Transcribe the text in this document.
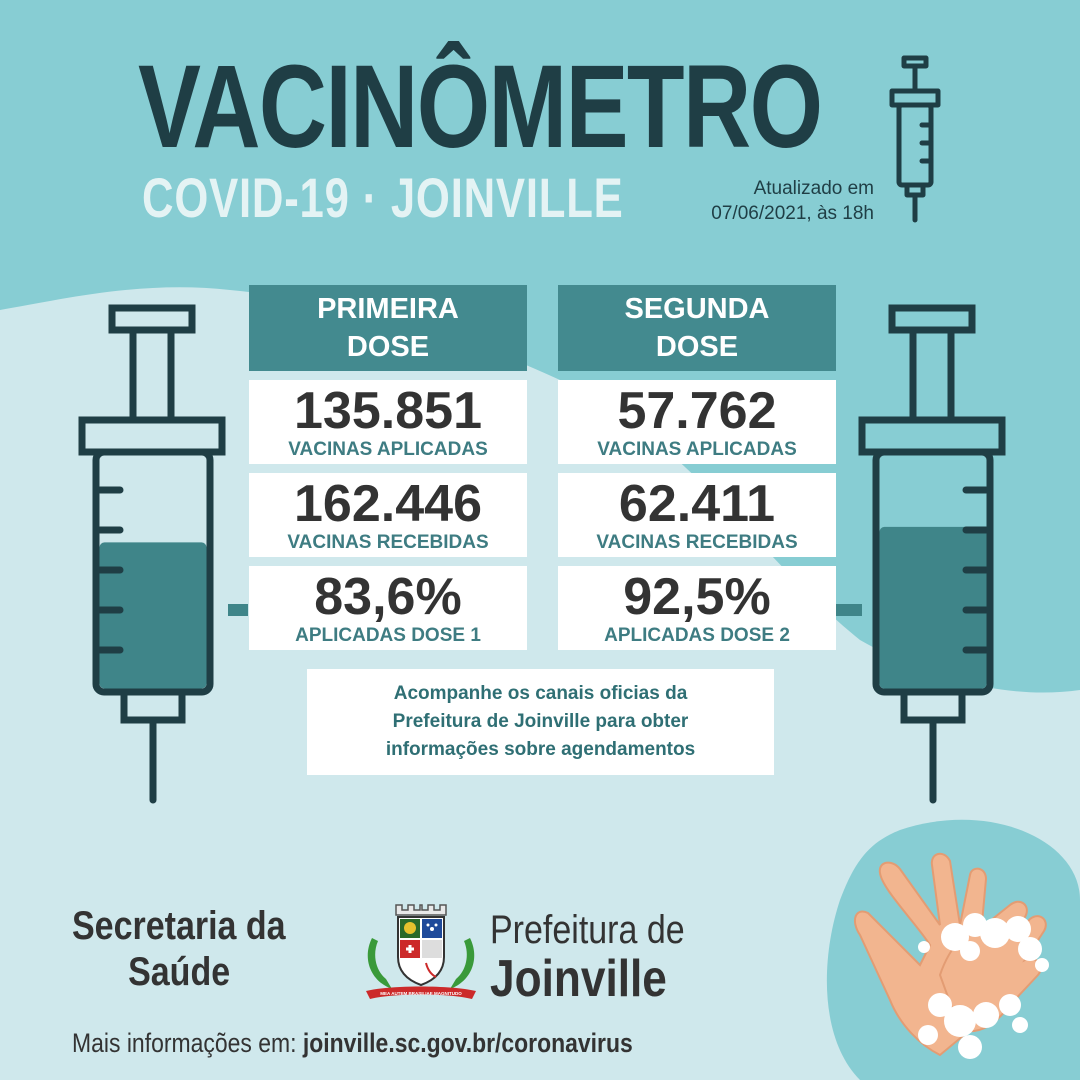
VACINÔMETRO
COVID-19 · JOINVILLE	Atualizado em
07/06/2021, às 18h
PRIMEIRA
DOSE
135.851
VACINAS APLICADAS
162.446
VACINAS RECEBIDAS
83,6%
APLICADAS DOSE 1
SEGUNDA
DOSE
57.762
VACINAS APLICADAS
62.411
VACINAS RECEBIDAS
92,5%
APLICADAS DOSE 2
Acompanhe os canais oficias da
Prefeitura de Joinville para obter
informações sobre agendamentos
Secretaria da
Saúde	MEA AUTEM BRASILIAE MAGNITUDO
Prefeitura de
Joinville
Mais informações em: joinville.sc.gov.br/coronavirus
